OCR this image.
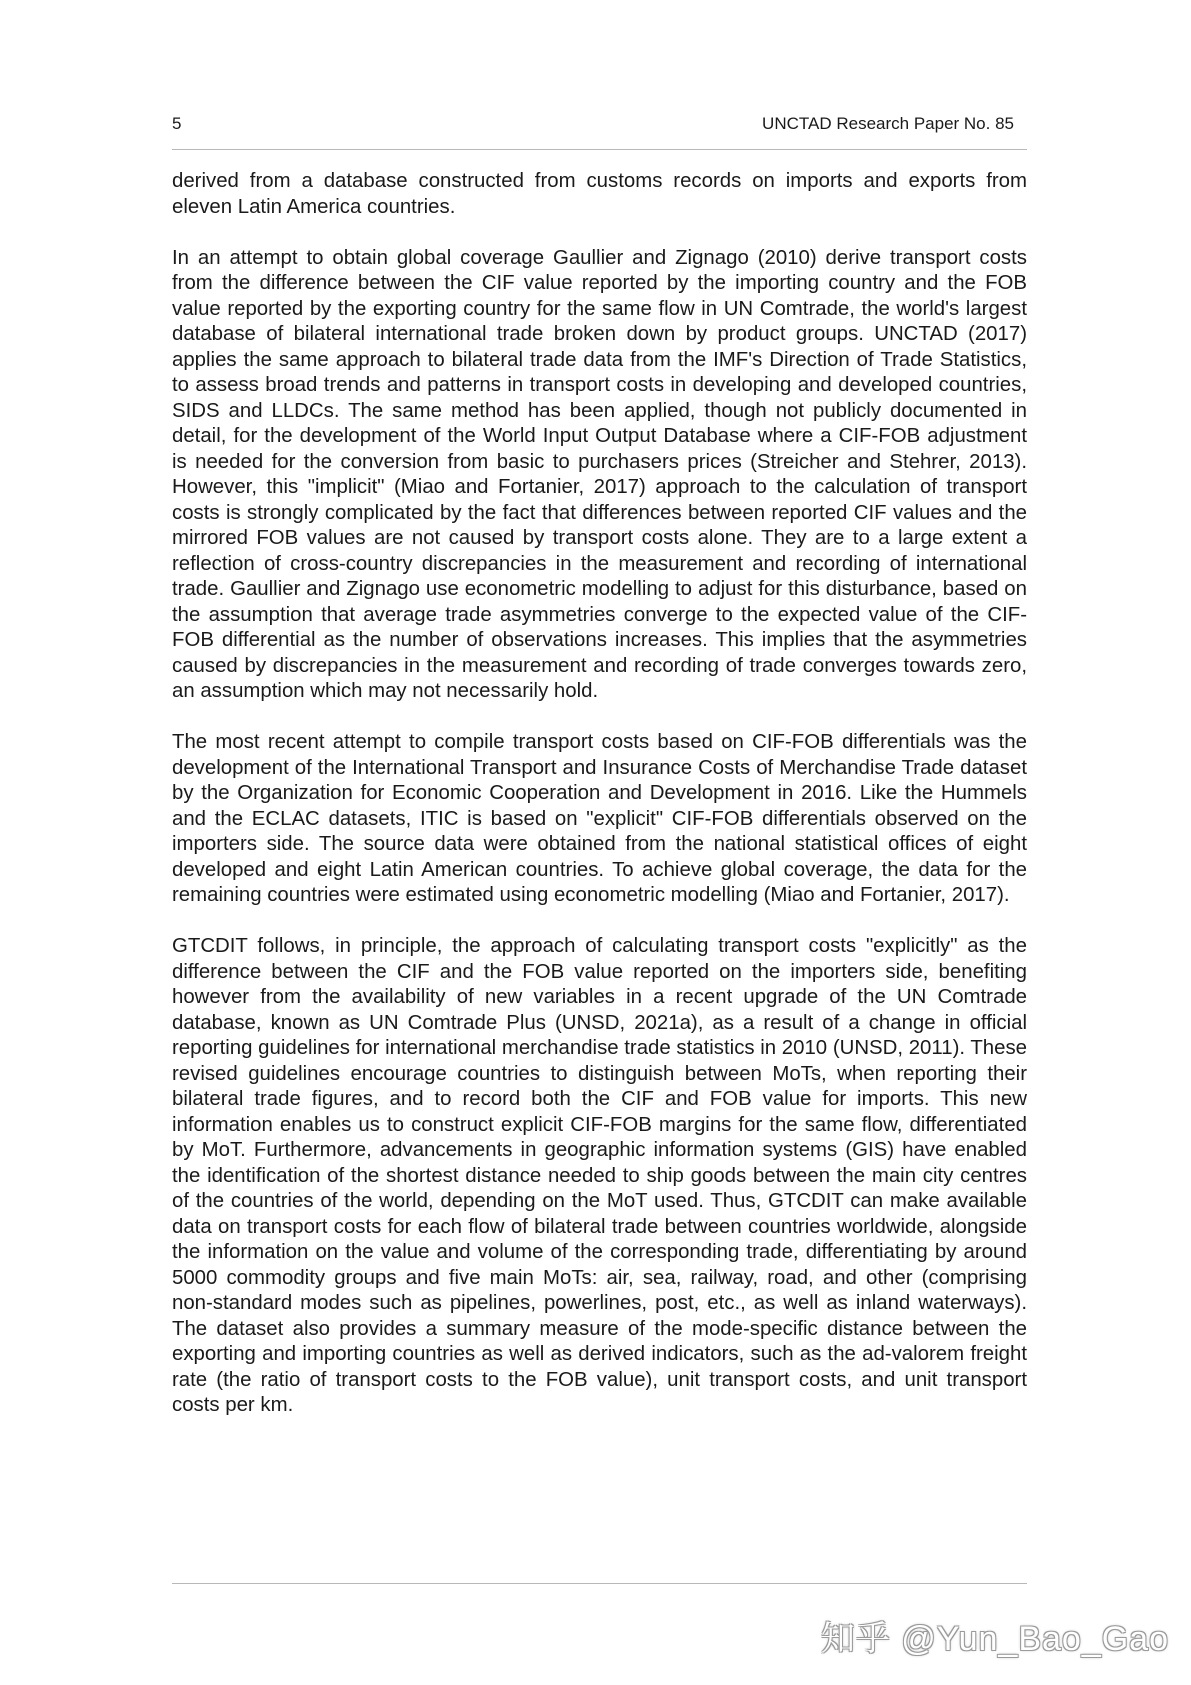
5	UNCTAD Research Paper No. 85

derived from a database constructed from customs records on imports and exports from eleven Latin America countries.

In an attempt to obtain global coverage Gaullier and Zignago (2010) derive transport costs from the difference between the CIF value reported by the importing country and the FOB value reported by the exporting country for the same flow in UN Comtrade, the world's largest database of bilateral international trade broken down by product groups. UNCTAD (2017) applies the same approach to bilateral trade data from the IMF's Direction of Trade Statistics, to assess broad trends and patterns in transport costs in developing and developed countries, SIDS and LLDCs. The same method has been applied, though not publicly documented in detail, for the development of the World Input Output Database where a CIF-FOB adjustment is needed for the conversion from basic to purchasers prices (Streicher and Stehrer, 2013). However, this "implicit" (Miao and Fortanier, 2017) approach to the calculation of transport costs is strongly complicated by the fact that differences between reported CIF values and the mirrored FOB values are not caused by transport costs alone. They are to a large extent a reflection of cross-country discrepancies in the measurement and recording of international trade. Gaullier and Zignago use econometric modelling to adjust for this disturbance, based on the assumption that average trade asymmetries converge to the expected value of the CIF-FOB differential as the number of observations increases. This implies that the asymmetries caused by discrepancies in the measurement and recording of trade converges towards zero, an assumption which may not necessarily hold.

The most recent attempt to compile transport costs based on CIF-FOB differentials was the development of the International Transport and Insurance Costs of Merchandise Trade dataset by the Organization for Economic Cooperation and Development in 2016. Like the Hummels and the ECLAC datasets, ITIC is based on "explicit" CIF-FOB differentials observed on the importers side. The source data were obtained from the national statistical offices of eight developed and eight Latin American countries. To achieve global coverage, the data for the remaining countries were estimated using econometric modelling (Miao and Fortanier, 2017).

GTCDIT follows, in principle, the approach of calculating transport costs "explicitly" as the difference between the CIF and the FOB value reported on the importers side, benefiting however from the availability of new variables in a recent upgrade of the UN Comtrade database, known as UN Comtrade Plus (UNSD, 2021a), as a result of a change in official reporting guidelines for international merchandise trade statistics in 2010 (UNSD, 2011). These revised guidelines encourage countries to distinguish between MoTs, when reporting their bilateral trade figures, and to record both the CIF and FOB value for imports. This new information enables us to construct explicit CIF-FOB margins for the same flow, differentiated by MoT. Furthermore, advancements in geographic information systems (GIS) have enabled the identification of the shortest distance needed to ship goods between the main city centres of the countries of the world, depending on the MoT used. Thus, GTCDIT can make available data on transport costs for each flow of bilateral trade between countries worldwide, alongside the information on the value and volume of the corresponding trade, differentiating by around 5000 commodity groups and five main MoTs: air, sea, railway, road, and other (comprising non-standard modes such as pipelines, powerlines, post, etc., as well as inland waterways). The dataset also provides a summary measure of the mode-specific distance between the exporting and importing countries as well as derived indicators, such as the ad-valorem freight rate (the ratio of transport costs to the FOB value), unit transport costs, and unit transport costs per km.

知乎 @Yun_Bao_Gao
